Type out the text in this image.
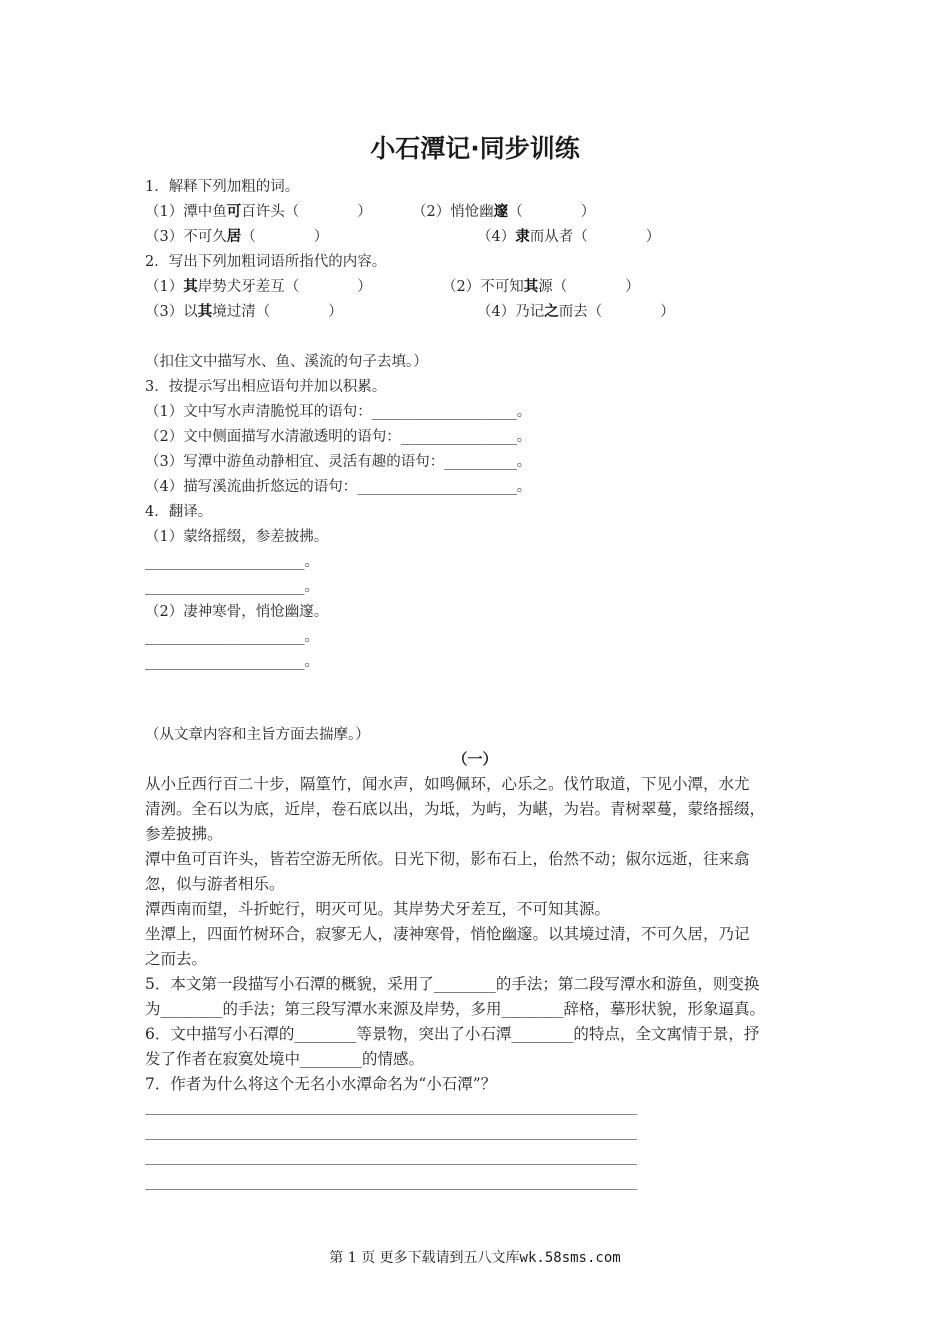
小石潭记·同步训练
1．解释下列加粗的词。
（1）潭中鱼可百许头（　　　　）	（2）悄怆幽邃（　　　　）
（3）不可久居（　　　　）	（4）隶而从者（　　　　）
2．写出下列加粗词语所指代的内容。
（1）其岸势犬牙差互（　　　　）	（2）不可知其源（　　　　）
（3）以其境过清（　　　　）	（4）乃记之而去（　　　　）
（扣住文中描写水、鱼、溪流的句子去填。）
3．按提示写出相应语句并加以积累。
（1）文中写水声清脆悦耳的语句：____________________。
（2）文中侧面描写水清澈透明的语句：________________。
（3）写潭中游鱼动静相宜、灵活有趣的语句：__________。
（4）描写溪流曲折悠远的语句：______________________。
4．翻译。
（1）蒙络摇缀，参差披拂。
______________________。
______________________。
（2）凄神寒骨，悄怆幽邃。
______________________。
______________________。
（从文章内容和主旨方面去揣摩。）
（一）
从小丘西行百二十步，隔篁竹，闻水声，如鸣佩环，心乐之。伐竹取道，下见小潭，水尤
清洌。全石以为底，近岸，卷石底以出，为坻，为屿，为嵁，为岩。青树翠蔓，蒙络摇缀，
参差披拂。
潭中鱼可百许头，皆若空游无所依。日光下彻，影布石上，佁然不动；俶尔远逝，往来翕
忽，似与游者相乐。
潭西南而望，斗折蛇行，明灭可见。其岸势犬牙差互，不可知其源。
坐潭上，四面竹树环合，寂寥无人，凄神寒骨，悄怆幽邃。以其境过清，不可久居，乃记
之而去。
5．本文第一段描写小石潭的概貌，采用了________的手法；第二段写潭水和游鱼，则变换
为________的手法；第三段写潭水来源及岸势，多用________辞格，摹形状貌，形象逼真。
6．文中描写小石潭的________等景物，突出了小石潭________的特点，全文寓情于景，抒
发了作者在寂寞处境中________的情感。
7．作者为什么将这个无名小水潭命名为“小石潭”？
第 1 页 更多下载请到五八文库wk.58sms.com
